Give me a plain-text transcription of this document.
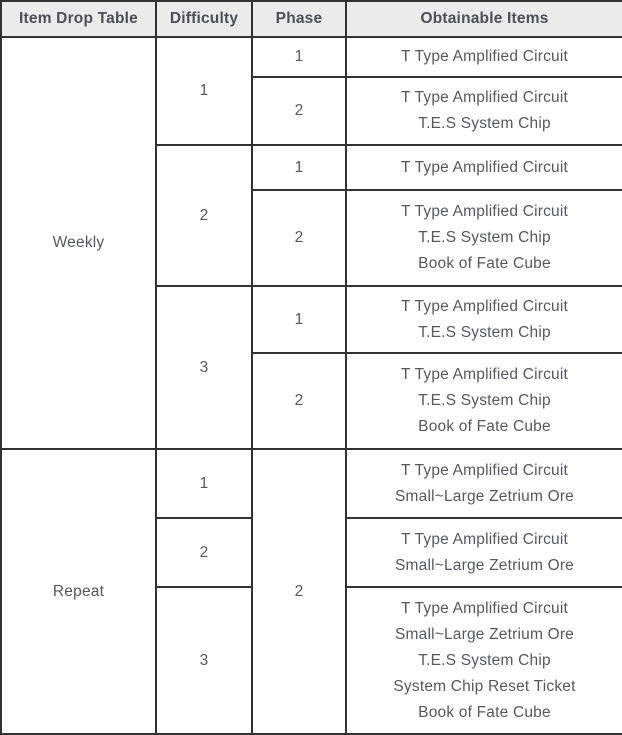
Item Drop Table	Difficulty	Phase	Obtainable Items
Weekly	1	1	T Type Amplified Circuit

		2	T Type Amplified Circuit
T.E.S System Chip

	2	1	T Type Amplified Circuit

		2	T Type Amplified Circuit
T.E.S System Chip
Book of Fate Cube

	3	1	T Type Amplified Circuit
T.E.S System Chip

		2	T Type Amplified Circuit
T.E.S System Chip
Book of Fate Cube

Repeat	1	2	T Type Amplified Circuit
Small~Large Zetrium Ore

	2		T Type Amplified Circuit
Small~Large Zetrium Ore

	3		T Type Amplified Circuit
Small~Large Zetrium Ore
T.E.S System Chip
System Chip Reset Ticket
Book of Fate Cube
